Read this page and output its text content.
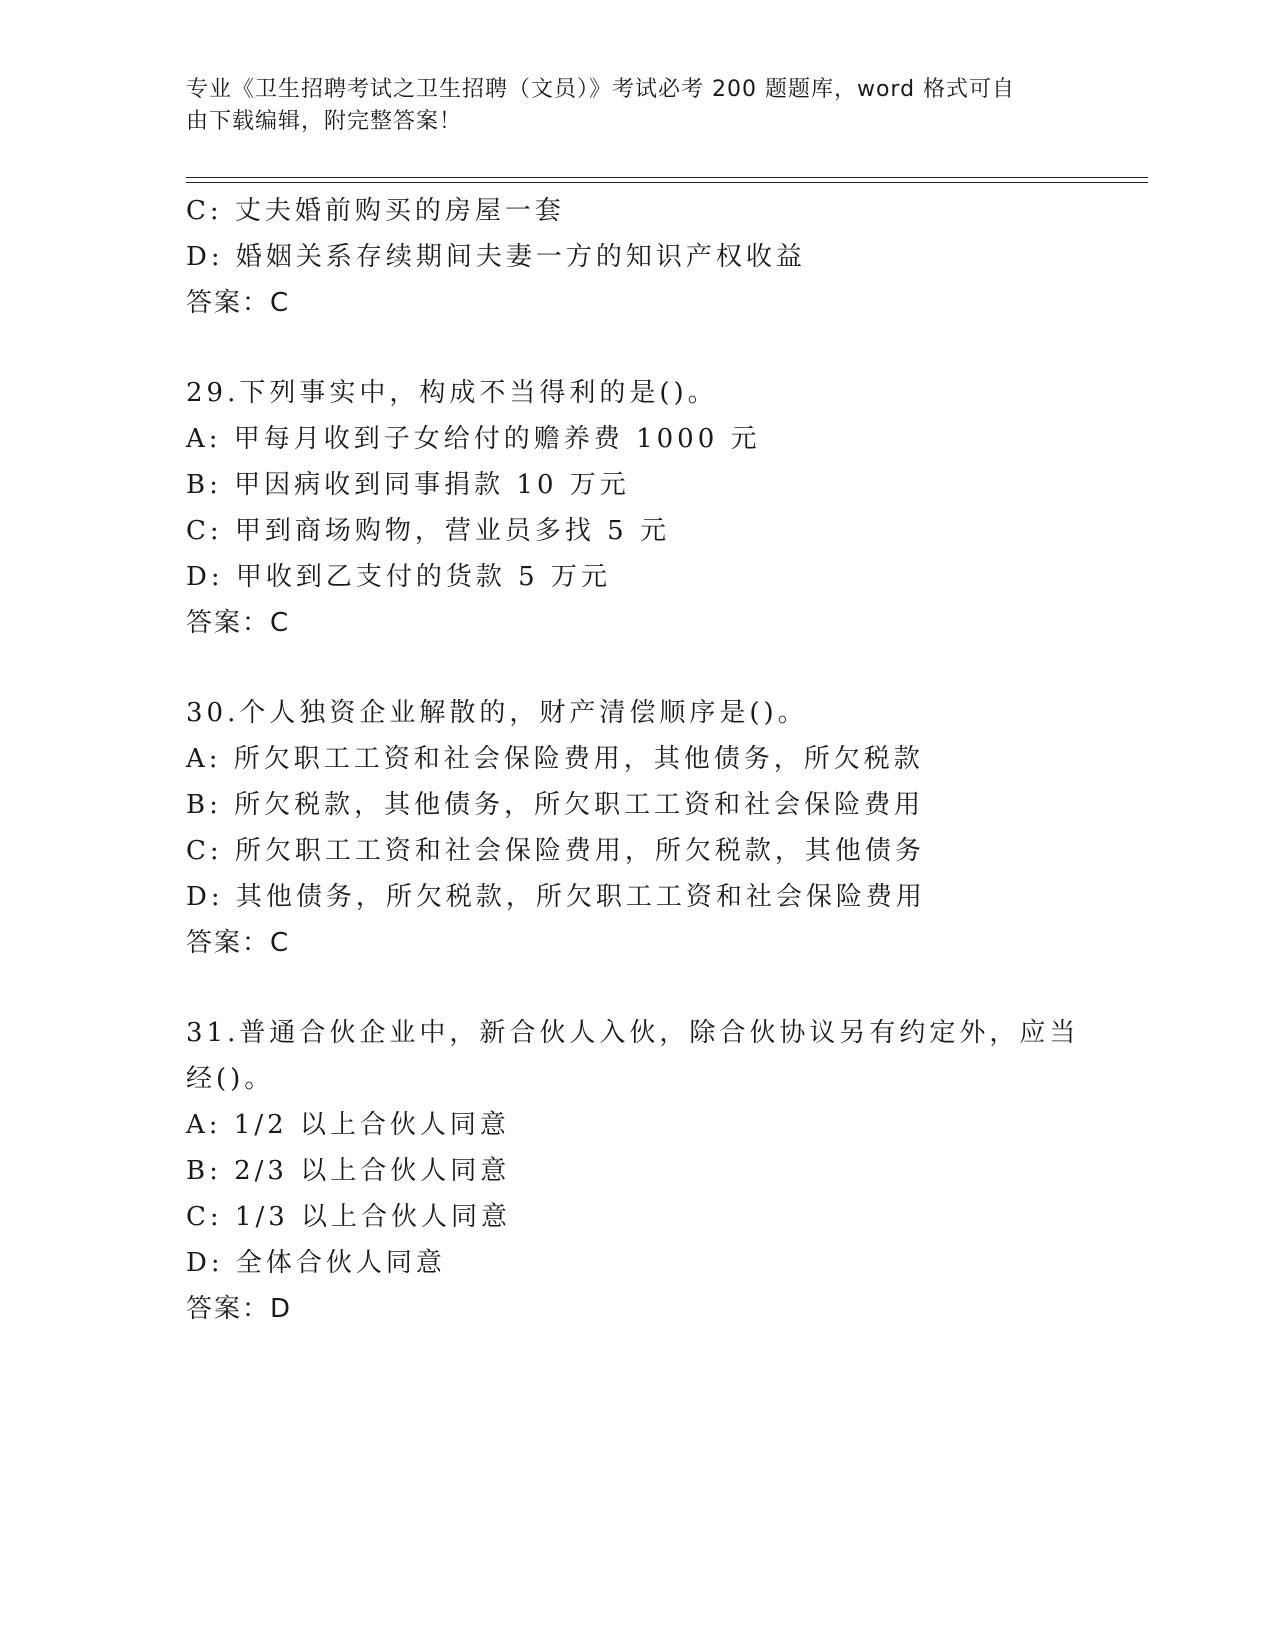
专业《卫生招聘考试之卫生招聘（文员）》考试必考 200 题题库，word 格式可自
由下载编辑，附完整答案！
C: 丈夫婚前购买的房屋一套
D: 婚姻关系存续期间夫妻一方的知识产权收益
答案：C
29.下列事实中，构成不当得利的是()。
A: 甲每月收到子女给付的赡养费 1000 元
B: 甲因病收到同事捐款 10 万元
C: 甲到商场购物，营业员多找 5 元
D: 甲收到乙支付的货款 5 万元
答案：C
30.个人独资企业解散的，财产清偿顺序是()。
A: 所欠职工工资和社会保险费用，其他债务，所欠税款
B: 所欠税款，其他债务，所欠职工工资和社会保险费用
C: 所欠职工工资和社会保险费用，所欠税款，其他债务
D: 其他债务，所欠税款，所欠职工工资和社会保险费用
答案：C
31.普通合伙企业中，新合伙人入伙，除合伙协议另有约定外，应当经()。
A: 1/2 以上合伙人同意
B: 2/3 以上合伙人同意
C: 1/3 以上合伙人同意
D: 全体合伙人同意
答案：D
